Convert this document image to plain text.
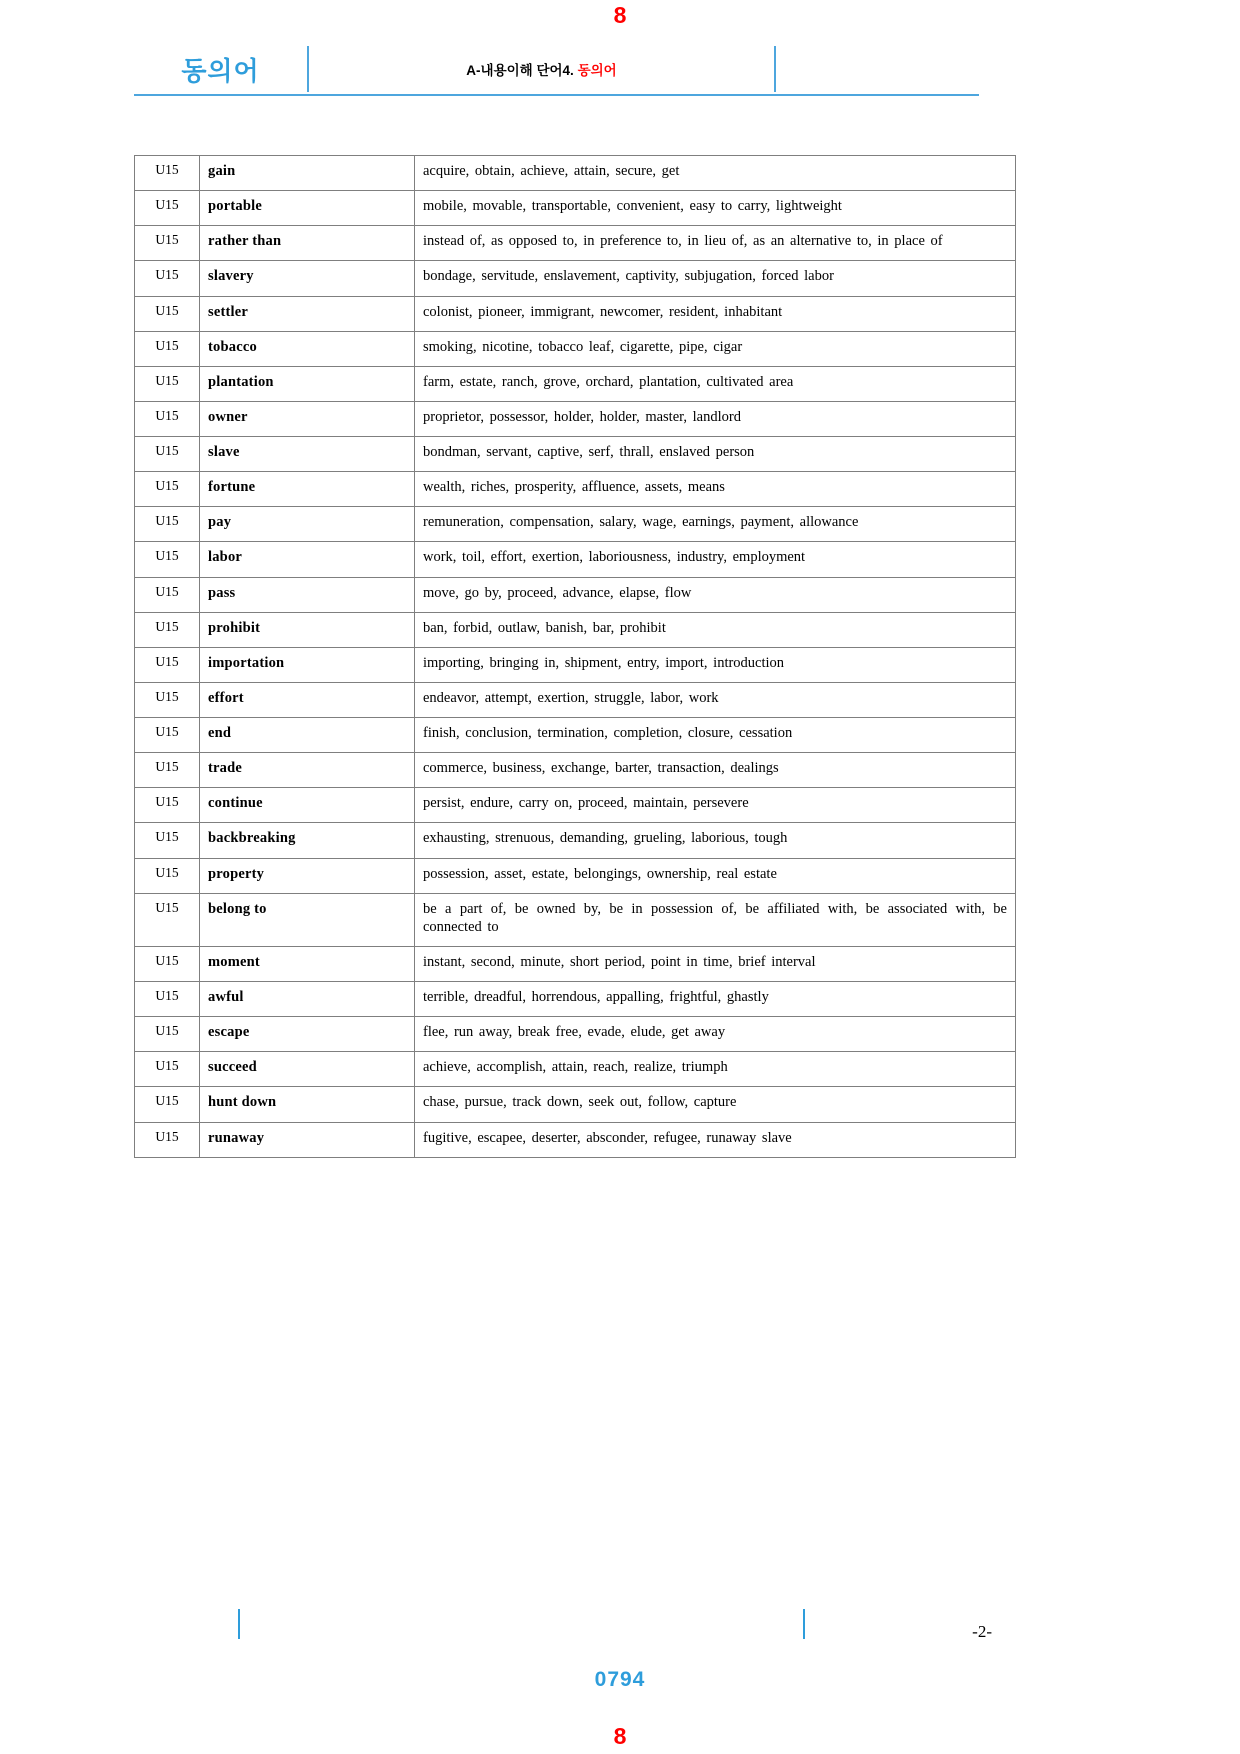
8
동의어	A-내용이해 단어4. 동의어
U15	gain	acquire, obtain, achieve, attain, secure, get
U15	portable	mobile, movable, transportable, convenient, easy to carry, lightweight
U15	rather than	instead of, as opposed to, in preference to, in lieu of, as an alternative to, in place of
U15	slavery	bondage, servitude, enslavement, captivity, subjugation, forced labor
U15	settler	colonist, pioneer, immigrant, newcomer, resident, inhabitant
U15	tobacco	smoking, nicotine, tobacco leaf, cigarette, pipe, cigar
U15	plantation	farm, estate, ranch, grove, orchard, plantation, cultivated area
U15	owner	proprietor, possessor, holder, holder, master, landlord
U15	slave	bondman, servant, captive, serf, thrall, enslaved person
U15	fortune	wealth, riches, prosperity, affluence, assets, means
U15	pay	remuneration, compensation, salary, wage, earnings, payment, allowance
U15	labor	work, toil, effort, exertion, laboriousness, industry, employment
U15	pass	move, go by, proceed, advance, elapse, flow
U15	prohibit	ban, forbid, outlaw, banish, bar, prohibit
U15	importation	importing, bringing in, shipment, entry, import, introduction
U15	effort	endeavor, attempt, exertion, struggle, labor, work
U15	end	finish, conclusion, termination, completion, closure, cessation
U15	trade	commerce, business, exchange, barter, transaction, dealings
U15	continue	persist, endure, carry on, proceed, maintain, persevere
U15	backbreaking	exhausting, strenuous, demanding, grueling, laborious, tough
U15	property	possession, asset, estate, belongings, ownership, real estate
U15	belong to	be a part of, be owned by, be in possession of, be affiliated with, be associated with, be connected to
U15	moment	instant, second, minute, short period, point in time, brief interval
U15	awful	terrible, dreadful, horrendous, appalling, frightful, ghastly
U15	escape	flee, run away, break free, evade, elude, get away
U15	succeed	achieve, accomplish, attain, reach, realize, triumph
U15	hunt down	chase, pursue, track down, seek out, follow, capture
U15	runaway	fugitive, escapee, deserter, absconder, refugee, runaway slave
-2-
0794
8
